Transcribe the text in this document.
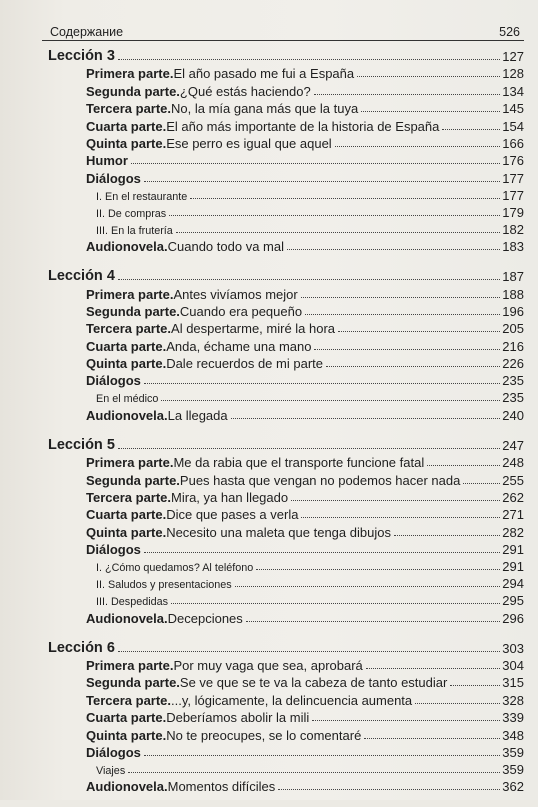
Содержание	526
Lección 3	127
Primera parte. El año pasado me fui a España	128
Segunda parte. ¿Qué estás haciendo?	134
Tercera parte. No, la mía gana más que la tuya	145
Cuarta parte. El año más importante de la historia de España	154
Quinta parte. Ese perro es igual que aquel	166
Humor	176
Diálogos	177
I. En el restaurante	177
II. De compras	179
III. En la frutería	182
Audionovela. Cuando todo va mal	183
Lección 4	187
Primera parte. Antes vivíamos mejor	188
Segunda parte. Cuando era pequeño	196
Tercera parte. Al despertarme, miré la hora	205
Cuarta parte. Anda, échame una mano	216
Quinta parte. Dale recuerdos de mi parte	226
Diálogos	235
En el médico	235
Audionovela. La llegada	240
Lección 5	247
Primera parte. Me da rabia que el transporte funcione fatal	248
Segunda parte. Pues hasta que vengan no podemos hacer nada	255
Tercera parte. Mira, ya han llegado	262
Cuarta parte. Dice que pases a verla	271
Quinta parte. Necesito una maleta que tenga dibujos	282
Diálogos	291
I. ¿Cómo quedamos? Al teléfono	291
II. Saludos y presentaciones	294
III. Despedidas	295
Audionovela. Decepciones	296
Lección 6	303
Primera parte. Por muy vaga que sea, aprobará	304
Segunda parte. Se ve que se te va la cabeza de tanto estudiar	315
Tercera parte. ...y, lógicamente, la delincuencia aumenta	328
Cuarta parte. Deberíamos abolir la mili	339
Quinta parte. No te preocupes, se lo comentaré	348
Diálogos	359
Viajes	359
Audionovela. Momentos difíciles	362
